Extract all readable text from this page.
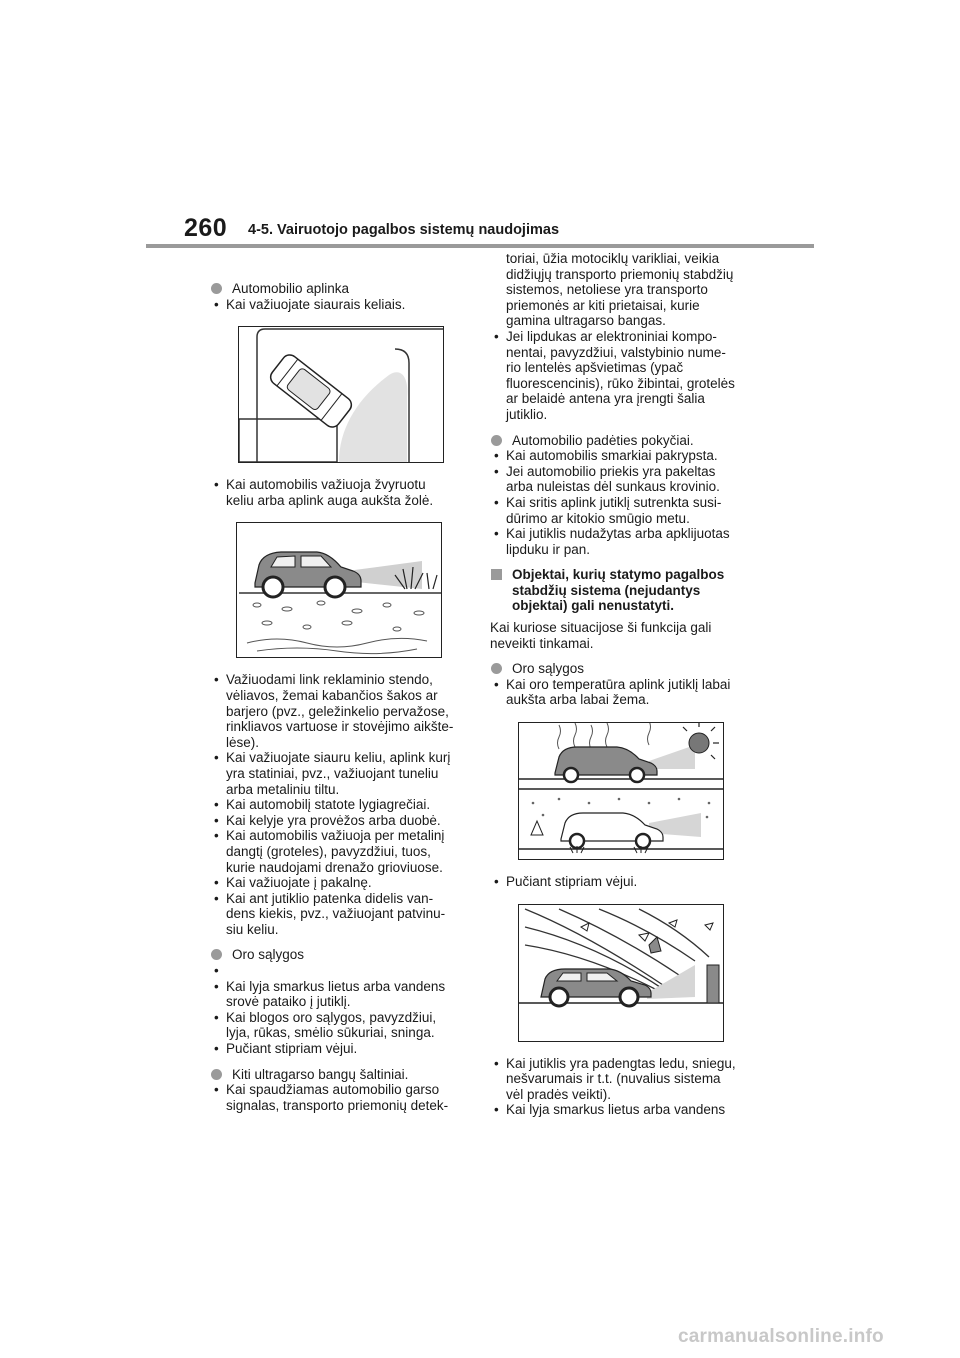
260 4-5. Vairuotojo pagalbos sistemų naudojimas

Automobilio aplinka

• Kai važiuojate siaurais keliais.

• Kai automobilis važiuoja žvyruotu

keliu arba aplink auga aukšta žolė.

• Važiuodami link reklaminio stendo,

vėliavos, žemai kabančios šakos ar

barjero (pvz., geležinkelio pervažose,

rinkliavos vartuose ir stovėjimo aikšte-

lėse).

• Kai važiuojate siauru keliu, aplink kurį

yra statiniai, pvz., važiuojant tuneliu

arba metaliniu tiltu.

• Kai automobilį statote lygiagrečiai.

• Kai kelyje yra provėžos arba duobė.

• Kai automobilis važiuoja per metalinį

dangtį (groteles), pavyzdžiui, tuos,

kurie naudojami drenažo grioviuose.

• Kai važiuojate į pakalnę.

• Kai ant jutiklio patenka didelis van-

dens kiekis, pvz., važiuojant patvinu-

siu keliu.

Oro sąlygos

•

• Kai lyja smarkus lietus arba vandens

srovė pataiko į jutiklį.

• Kai blogos oro sąlygos, pavyzdžiui,

lyja, rūkas, smėlio sūkuriai, sninga.

• Pučiant stipriam vėjui.

Kiti ultragarso bangų šaltiniai.

• Kai spaudžiamas automobilio garso

signalas, transporto priemonių detek-

toriai, ūžia motociklų varikliai, veikia

didžiųjų transporto priemonių stabdžių

sistemos, netoliese yra transporto

priemonės ar kiti prietaisai, kurie

gamina ultragarso bangas.

• Jei lipdukas ar elektroniniai kompo-

nentai, pavyzdžiui, valstybinio nume-

rio lentelės apšvietimas (ypač

fluorescencinis), rūko žibintai, grotelės

ar belaidė antena yra įrengti šalia

jutiklio.

Automobilio padėties pokyčiai.

• Kai automobilis smarkiai pakrypsta.

• Jei automobilio priekis yra pakeltas

arba nuleistas dėl sunkaus krovinio.

• Kai sritis aplink jutiklį sutrenkta susi-

dūrimo ar kitokio smūgio metu.

• Kai jutiklis nudažytas arba apklijuotas

lipduku ir pan.

Objektai, kurių statymo pagalbos

stabdžių sistema (nejudantys

objektai) gali nenustatyti.

Kai kuriose situacijose ši funkcija gali

neveikti tinkamai.

Oro sąlygos

• Kai oro temperatūra aplink jutiklį labai

aukšta arba labai žema.

• Pučiant stipriam vėjui.

• Kai jutiklis yra padengtas ledu, sniegu,

nešvarumais ir t.t. (nuvalius sistema

vėl pradės veikti).

• Kai lyja smarkus lietus arba vandens

carmanualsonline.info
